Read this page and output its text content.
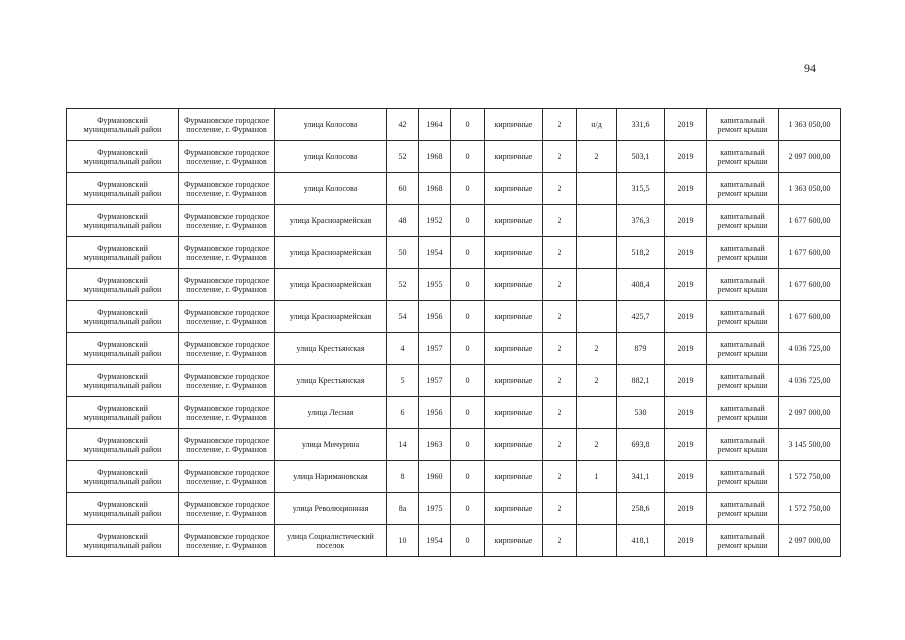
94
Фурмановский муниципальный район	Фурмановское городское поселение, г. Фурманов	улица Колосова	42	1964	0	кирпичные	2	н/д	331,6	2019	капитальный ремонт крыши	1 363 050,00
Фурмановский муниципальный район	Фурмановское городское поселение, г. Фурманов	улица Колосова	52	1968	0	кирпичные	2	2	503,1	2019	капитальный ремонт крыши	2 097 000,00
Фурмановский муниципальный район	Фурмановское городское поселение, г. Фурманов	улица Колосова	60	1968	0	кирпичные	2		315,5	2019	капитальный ремонт крыши	1 363 050,00
Фурмановский муниципальный район	Фурмановское городское поселение, г. Фурманов	улица Красноармейская	48	1952	0	кирпичные	2		376,3	2019	капитальный ремонт крыши	1 677 600,00
Фурмановский муниципальный район	Фурмановское городское поселение, г. Фурманов	улица Красноармейская	50	1954	0	кирпичные	2		518,2	2019	капитальный ремонт крыши	1 677 600,00
Фурмановский муниципальный район	Фурмановское городское поселение, г. Фурманов	улица Красноармейская	52	1955	0	кирпичные	2		408,4	2019	капитальный ремонт крыши	1 677 600,00
Фурмановский муниципальный район	Фурмановское городское поселение, г. Фурманов	улица Красноармейская	54	1956	0	кирпичные	2		425,7	2019	капитальный ремонт крыши	1 677 600,00
Фурмановский муниципальный район	Фурмановское городское поселение, г. Фурманов	улица Крестьянская	4	1957	0	кирпичные	2	2	879	2019	капитальный ремонт крыши	4 036 725,00
Фурмановский муниципальный район	Фурмановское городское поселение, г. Фурманов	улица Крестьянская	5	1957	0	кирпичные	2	2	882,1	2019	капитальный ремонт крыши	4 036 725,00
Фурмановский муниципальный район	Фурмановское городское поселение, г. Фурманов	улица Лесная	6	1956	0	кирпичные	2		530	2019	капитальный ремонт крыши	2 097 000,00
Фурмановский муниципальный район	Фурмановское городское поселение, г. Фурманов	улица Мичурина	14	1963	0	кирпичные	2	2	693,8	2019	капитальный ремонт крыши	3 145 500,00
Фурмановский муниципальный район	Фурмановское городское поселение, г. Фурманов	улица Наримановская	8	1960	0	кирпичные	2	1	341,1	2019	капитальный ремонт крыши	1 572 750,00
Фурмановский муниципальный район	Фурмановское городское поселение, г. Фурманов	улица Революционная	8а	1975	0	кирпичные	2		258,6	2019	капитальный ремонт крыши	1 572 750,00
Фурмановский муниципальный район	Фурмановское городское поселение, г. Фурманов	улица Социалистический поселок	10	1954	0	кирпичные	2		418,1	2019	капитальный ремонт крыши	2 097 000,00
